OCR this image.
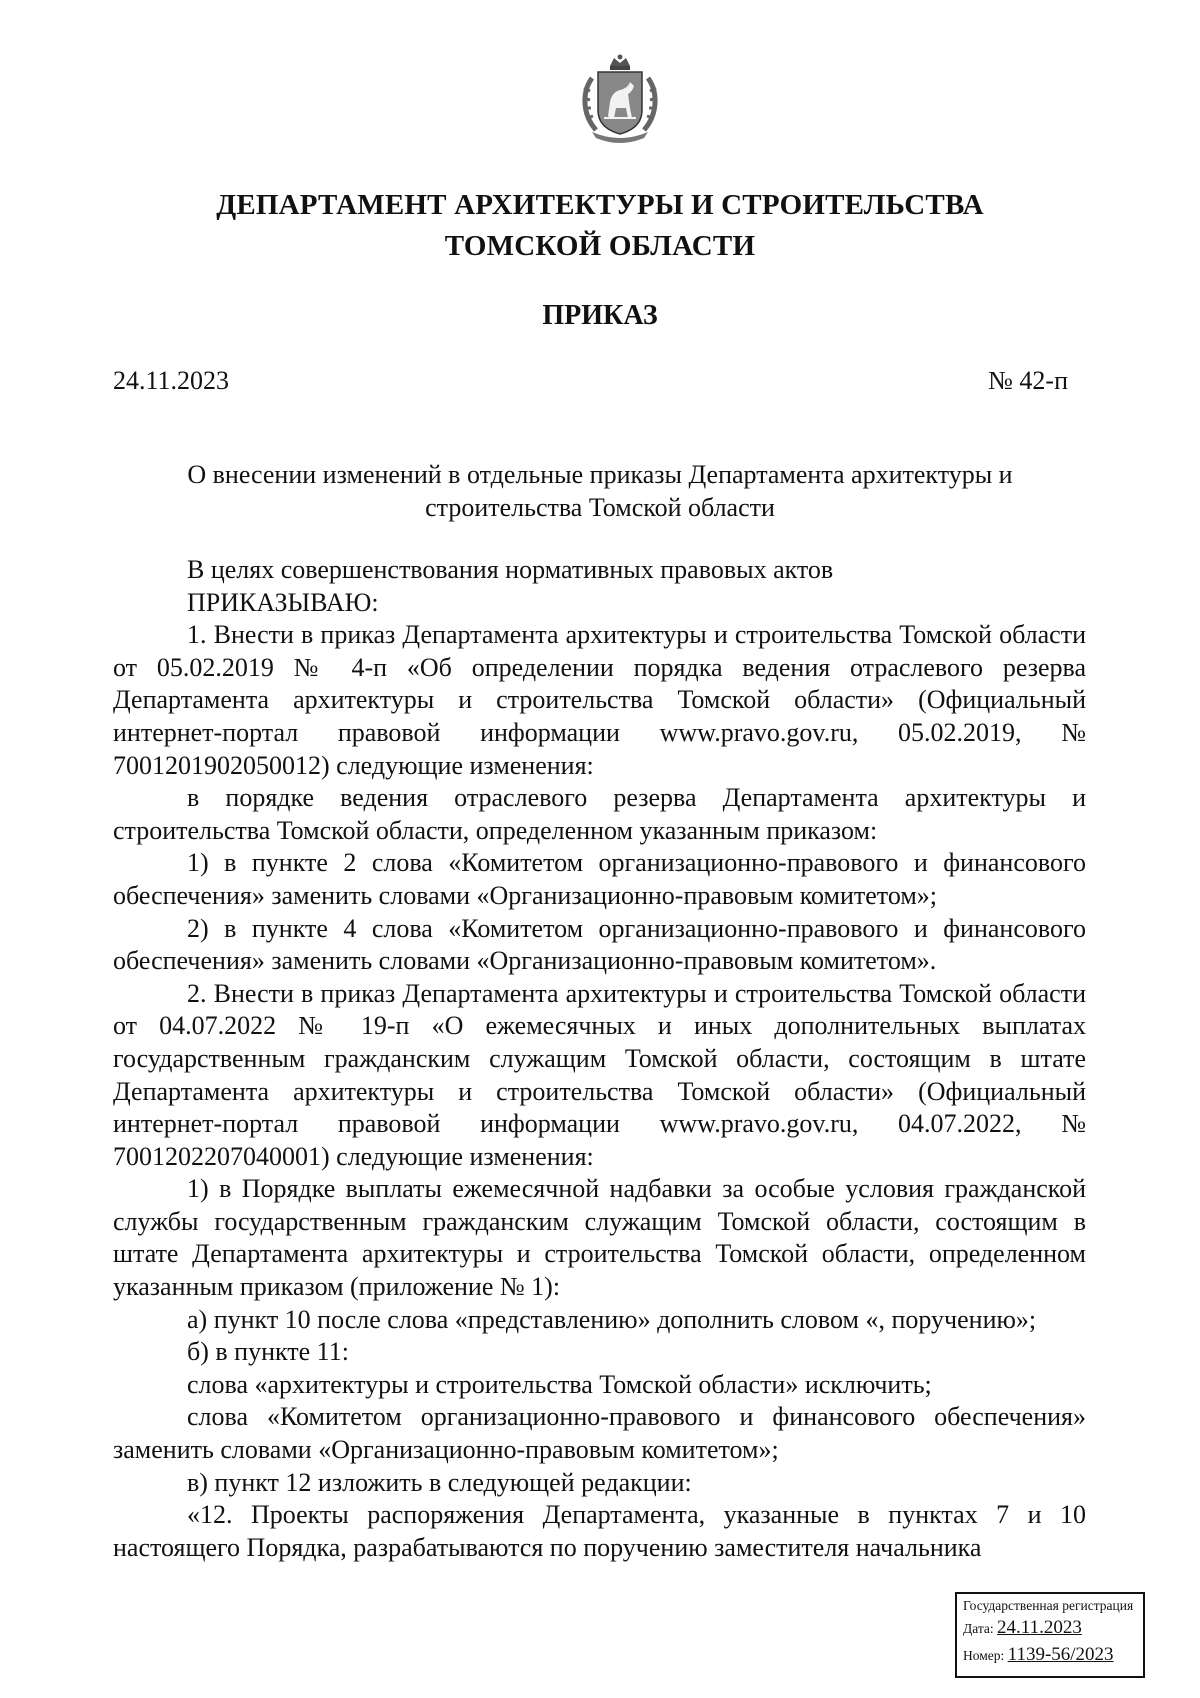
ДЕПАРТАМЕНТ АРХИТЕКТУРЫ И СТРОИТЕЛЬСТВА
ТОМСКОЙ ОБЛАСТИ
ПРИКАЗ
24.11.2023	№ 42-п
О внесении изменений в отдельные приказы Департамента архитектуры и
строительства Томской области

В целях совершенствования нормативных правовых актов

ПРИКАЗЫВАЮ:

1. Внести в приказ Департамента архитектуры и строительства Томской области от 05.02.2019 № 4-п «Об определении порядка ведения отраслевого резерва Департамента архитектуры и строительства Томской области» (Официальный интернет-портал правовой информации www.pravo.gov.ru, 05.02.2019, № 7001201902050012) следующие изменения:

в порядке ведения отраслевого резерва Департамента архитектуры и строительства Томской области, определенном указанным приказом:

1) в пункте 2 слова «Комитетом организационно-правового и финансового обеспечения» заменить словами «Организационно-правовым комитетом»;

2) в пункте 4 слова «Комитетом организационно-правового и финансового обеспечения» заменить словами «Организационно-правовым комитетом».

2. Внести в приказ Департамента архитектуры и строительства Томской области от 04.07.2022 № 19-п «О ежемесячных и иных дополнительных выплатах государственным гражданским служащим Томской области, состоящим в штате Департамента архитектуры и строительства Томской области» (Официальный интернет-портал правовой информации www.pravo.gov.ru, 04.07.2022, № 7001202207040001) следующие изменения:

1) в Порядке выплаты ежемесячной надбавки за особые условия гражданской службы государственным гражданским служащим Томской области, состоящим в штате Департамента архитектуры и строительства Томской области, определенном указанным приказом (приложение № 1):

а) пункт 10 после слова «представлению» дополнить словом «, поручению»;

б) в пункте 11:

слова «архитектуры и строительства Томской области» исключить;

слова «Комитетом организационно-правового и финансового обеспечения» заменить словами «Организационно-правовым комитетом»;

в) пункт 12 изложить в следующей редакции:

«12. Проекты распоряжения Департамента, указанные в пунктах 7 и 10 настоящего Порядка, разрабатываются по поручению заместителя начальника

Государственная регистрация
Дата: 24.11.2023
Номер: 1139-56/2023
